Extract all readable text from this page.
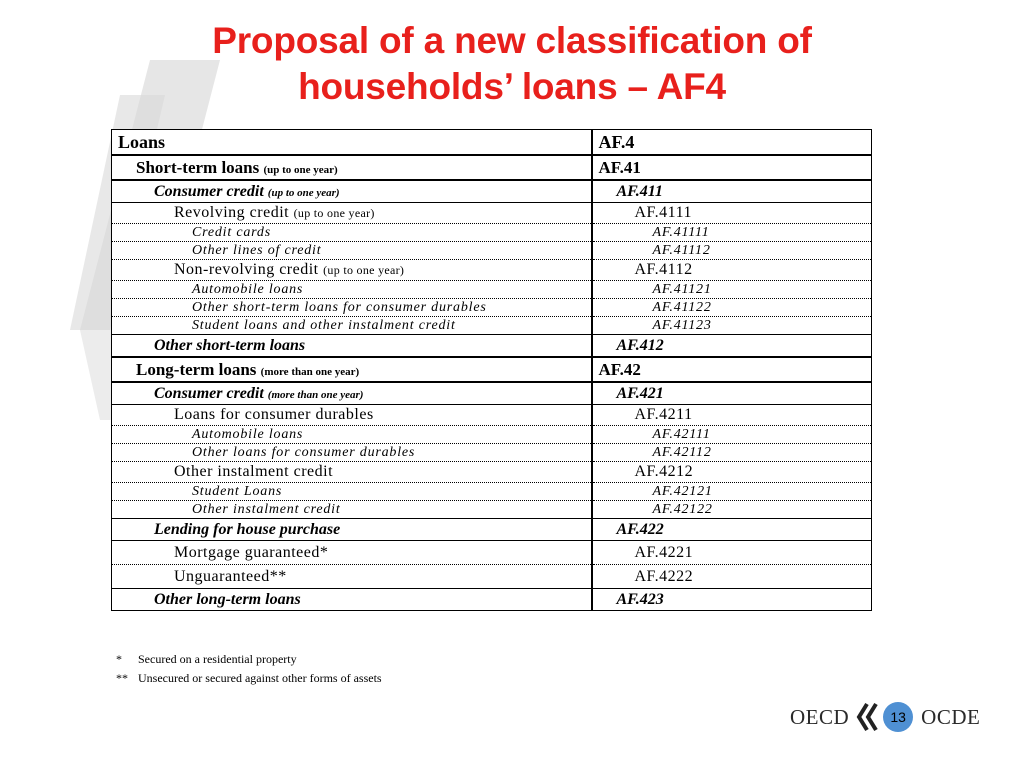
Proposal of a new classification of
households’ loans – AF4
Loans	AF.4
Short-term loans (up to one year)	AF.41
Consumer credit (up to one year)	AF.411
Revolving credit (up to one year)	AF.4111
Credit cards	AF.41111
Other lines of credit	AF.41112
Non-revolving credit (up to one year)	AF.4112
Automobile loans	AF.41121
Other short-term loans for consumer durables	AF.41122
Student loans and other instalment credit	AF.41123
Other short-term loans	AF.412
Long-term loans (more than one year)	AF.42
Consumer credit (more than one year)	AF.421
Loans for consumer durables	AF.4211
Automobile loans	AF.42111
Other loans for consumer durables	AF.42112
Other instalment credit	AF.4212
Student Loans	AF.42121
Other instalment credit	AF.42122
Lending for house purchase	AF.422
Mortgage guaranteed*	AF.4221
Unguaranteed**	AF.4222
Other long-term loans	AF.423
*	Secured on a residential property
** Unsecured or secured against other forms of assets
OECD	13 OCDE
